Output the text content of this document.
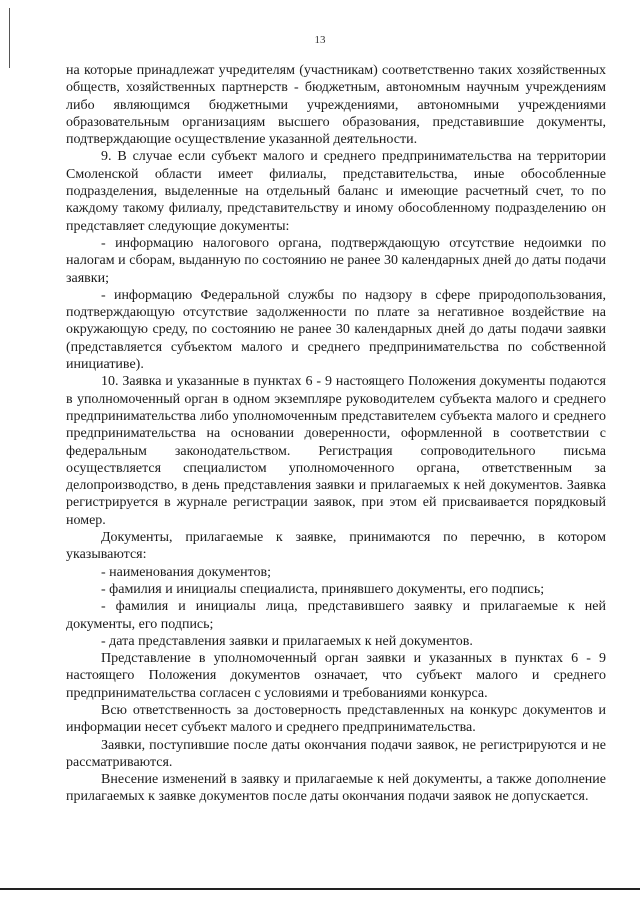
13

на которые принадлежат учредителям (участникам) соответственно таких хозяйственных обществ, хозяйственных партнерств - бюджетным, автономным научным учреждениям либо являющимся бюджетными учреждениями, автономными учреждениями образовательным организациям высшего образования, представившие документы, подтверждающие осуществление указанной деятельности.

9. В случае если субъект малого и среднего предпринимательства на территории Смоленской области имеет филиалы, представительства, иные обособленные подразделения, выделенные на отдельный баланс и имеющие расчетный счет, то по каждому такому филиалу, представительству и иному обособленному подразделению он представляет следующие документы:

- информацию налогового органа, подтверждающую отсутствие недоимки по налогам и сборам, выданную по состоянию не ранее 30 календарных дней до даты подачи заявки;

- информацию Федеральной службы по надзору в сфере природопользования, подтверждающую отсутствие задолженности по плате за негативное воздействие на окружающую среду, по состоянию не ранее 30 календарных дней до даты подачи заявки (представляется субъектом малого и среднего предпринимательства по собственной инициативе).

10. Заявка и указанные в пунктах 6 - 9 настоящего Положения документы подаются в уполномоченный орган в одном экземпляре руководителем субъекта малого и среднего предпринимательства либо уполномоченным представителем субъекта малого и среднего предпринимательства на основании доверенности, оформленной в соответствии с федеральным законодательством. Регистрация сопроводительного письма осуществляется специалистом уполномоченного органа, ответственным за делопроизводство, в день представления заявки и прилагаемых к ней документов. Заявка регистрируется в журнале регистрации заявок, при этом ей присваивается порядковый номер.

Документы, прилагаемые к заявке, принимаются по перечню, в котором указываются:

- наименования документов;

- фамилия и инициалы специалиста, принявшего документы, его подпись;

- фамилия и инициалы лица, представившего заявку и прилагаемые к ней документы, его подпись;

- дата представления заявки и прилагаемых к ней документов.

Представление в уполномоченный орган заявки и указанных в пунктах 6 - 9 настоящего Положения документов означает, что субъект малого и среднего предпринимательства согласен с условиями и требованиями конкурса.

Всю ответственность за достоверность представленных на конкурс документов и информации несет субъект малого и среднего предпринимательства.

Заявки, поступившие после даты окончания подачи заявок, не регистрируются и не рассматриваются.

Внесение изменений в заявку и прилагаемые к ней документы, а также дополнение прилагаемых к заявке документов после даты окончания подачи заявок не допускается.
